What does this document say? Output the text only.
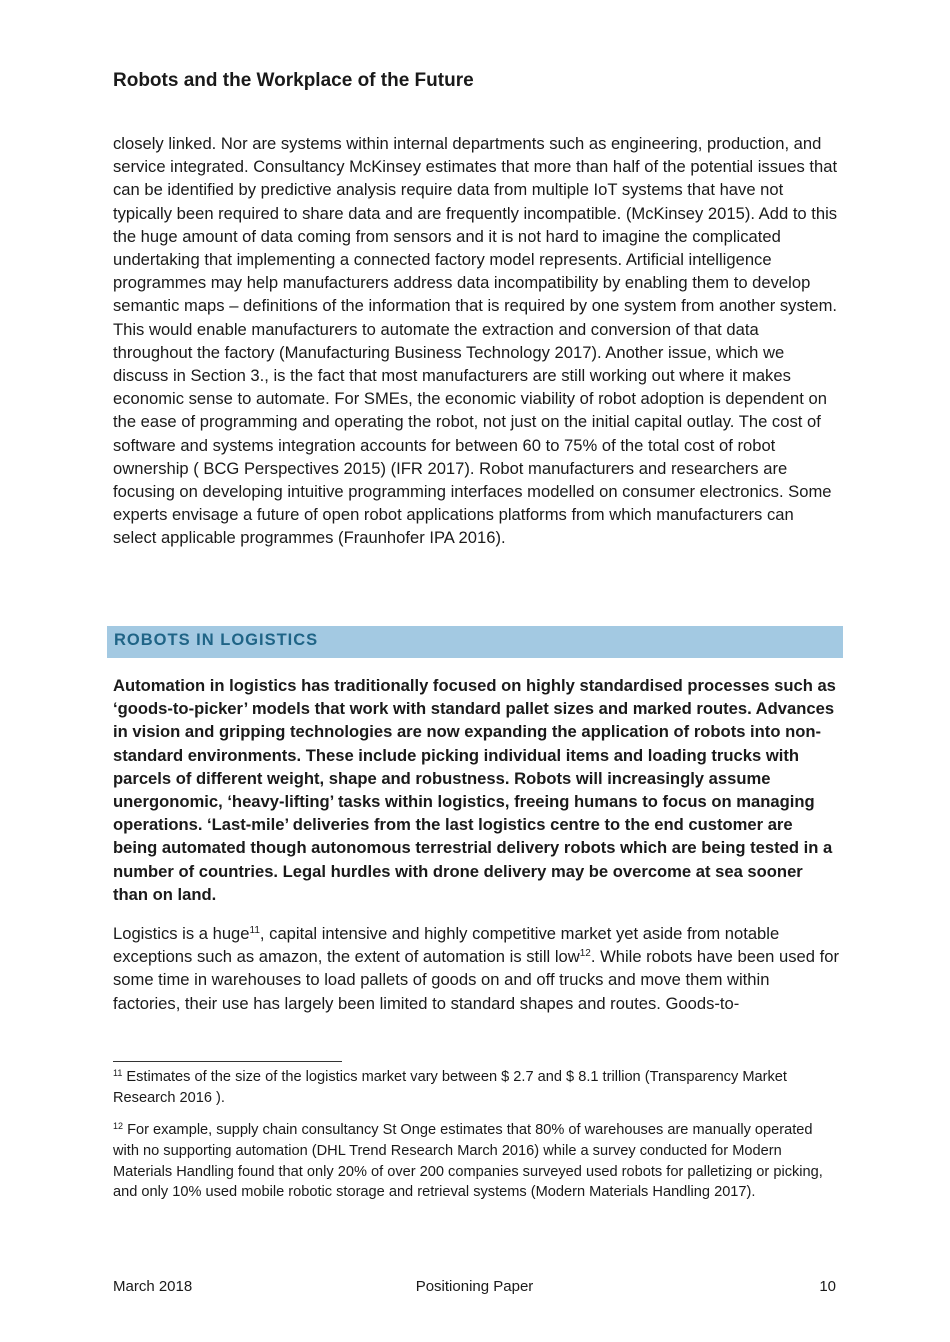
Robots and the Workplace of the Future

closely linked. Nor are systems within internal departments such as engineering, production, and service integrated. Consultancy McKinsey estimates that more than half of the potential issues that can be identified by predictive analysis require data from multiple IoT systems that have not typically been required to share data and are frequently incompatible. (McKinsey 2015). Add to this the huge amount of data coming from sensors and it is not hard to imagine the complicated undertaking that implementing a connected factory model represents. Artificial intelligence programmes may help manufacturers address data incompatibility by enabling them to develop semantic maps – definitions of the information that is required by one system from another system. This would enable manufacturers to automate the extraction and conversion of that data throughout the factory (Manufacturing Business Technology 2017). Another issue, which we discuss in Section 3., is the fact that most manufacturers are still working out where it makes economic sense to automate. For SMEs, the economic viability of robot adoption is dependent on the ease of programming and operating the robot, not just on the initial capital outlay. The cost of software and systems integration accounts for between 60 to 75% of the total cost of robot ownership ( BCG Perspectives 2015) (IFR 2017). Robot manufacturers and researchers are focusing on developing intuitive programming interfaces modelled on consumer electronics. Some experts envisage a future of open robot applications platforms from which manufacturers can select applicable programmes (Fraunhofer IPA 2016).

ROBOTS IN LOGISTICS

Automation in logistics has traditionally focused on highly standardised processes such as ‘goods-to-picker’ models that work with standard pallet sizes and marked routes. Advances in vision and gripping technologies are now expanding the application of robots into non-standard environments. These include picking individual items and loading trucks with parcels of different weight, shape and robustness. Robots will increasingly assume unergonomic, ‘heavy-lifting’ tasks within logistics, freeing humans to focus on managing operations. ‘Last-mile’ deliveries from the last logistics centre to the end customer are being automated though autonomous terrestrial delivery robots which are being tested in a number of countries. Legal hurdles with drone delivery may be overcome at sea sooner than on land.

Logistics is a huge$^{11}$, capital intensive and highly competitive market yet aside from notable exceptions such as amazon, the extent of automation is still low$^{12}$. While robots have been used for some time in warehouses to load pallets of goods on and off trucks and move them within factories, their use has largely been limited to standard shapes and routes. Goods-to-

$^{11}$ Estimates of the size of the logistics market vary between $ 2.7 and $ 8.1 trillion (Transparency Market Research 2016 ).

$^{12}$ For example, supply chain consultancy St Onge estimates that 80% of warehouses are manually operated with no supporting automation (DHL Trend Research March 2016) while a survey conducted for Modern Materials Handling found that only 20% of over 200 companies surveyed used robots for palletizing or picking, and only 10% used mobile robotic storage and retrieval systems (Modern Materials Handling 2017).

March 2018	Positioning Paper	10
